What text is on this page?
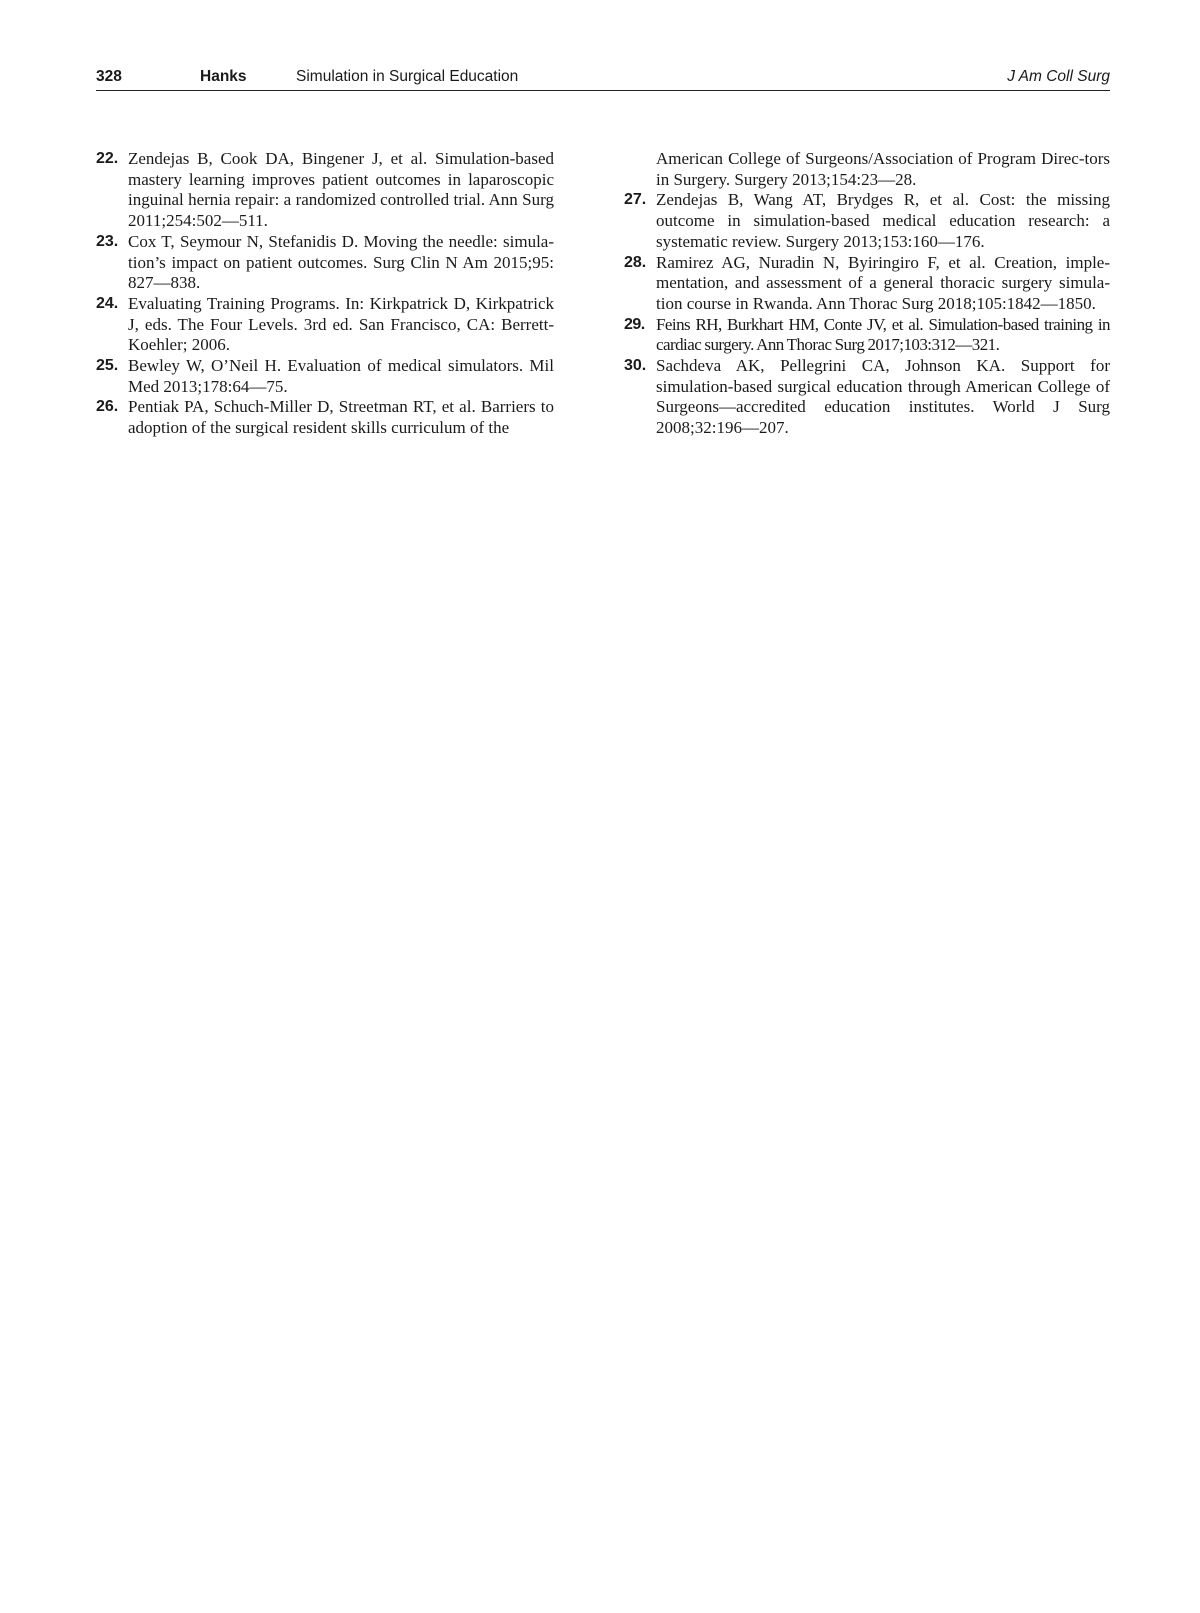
328	Hanks	Simulation in Surgical Education	J Am Coll Surg
22. Zendejas B, Cook DA, Bingener J, et al. Simulation-based mastery learning improves patient outcomes in laparoscopic inguinal hernia repair: a randomized controlled trial. Ann Surg 2011;254:502—511.
23. Cox T, Seymour N, Stefanidis D. Moving the needle: simula-tion’s impact on patient outcomes. Surg Clin N Am 2015;95: 827—838.
24. Evaluating Training Programs. In: Kirkpatrick D, Kirkpatrick J, eds. The Four Levels. 3rd ed. San Francisco, CA: Berrett-Koehler; 2006.
25. Bewley W, O’Neil H. Evaluation of medical simulators. Mil Med 2013;178:64—75.
26. Pentiak PA, Schuch-Miller D, Streetman RT, et al. Barriers to adoption of the surgical resident skills curriculum of the
American College of Surgeons/Association of Program Direc-tors in Surgery. Surgery 2013;154:23—28.
27. Zendejas B, Wang AT, Brydges R, et al. Cost: the missing outcome in simulation-based medical education research: a systematic review. Surgery 2013;153:160—176.
28. Ramirez AG, Nuradin N, Byiringiro F, et al. Creation, imple-mentation, and assessment of a general thoracic surgery simula-tion course in Rwanda. Ann Thorac Surg 2018;105:1842—1850.
29. Feins RH, Burkhart HM, Conte JV, et al. Simulation-based training in cardiac surgery. Ann Thorac Surg 2017;103:312—321.
30. Sachdeva AK, Pellegrini CA, Johnson KA. Support for simulation-based surgical education through American College of Surgeons—accredited education institutes. World J Surg 2008;32:196—207.
